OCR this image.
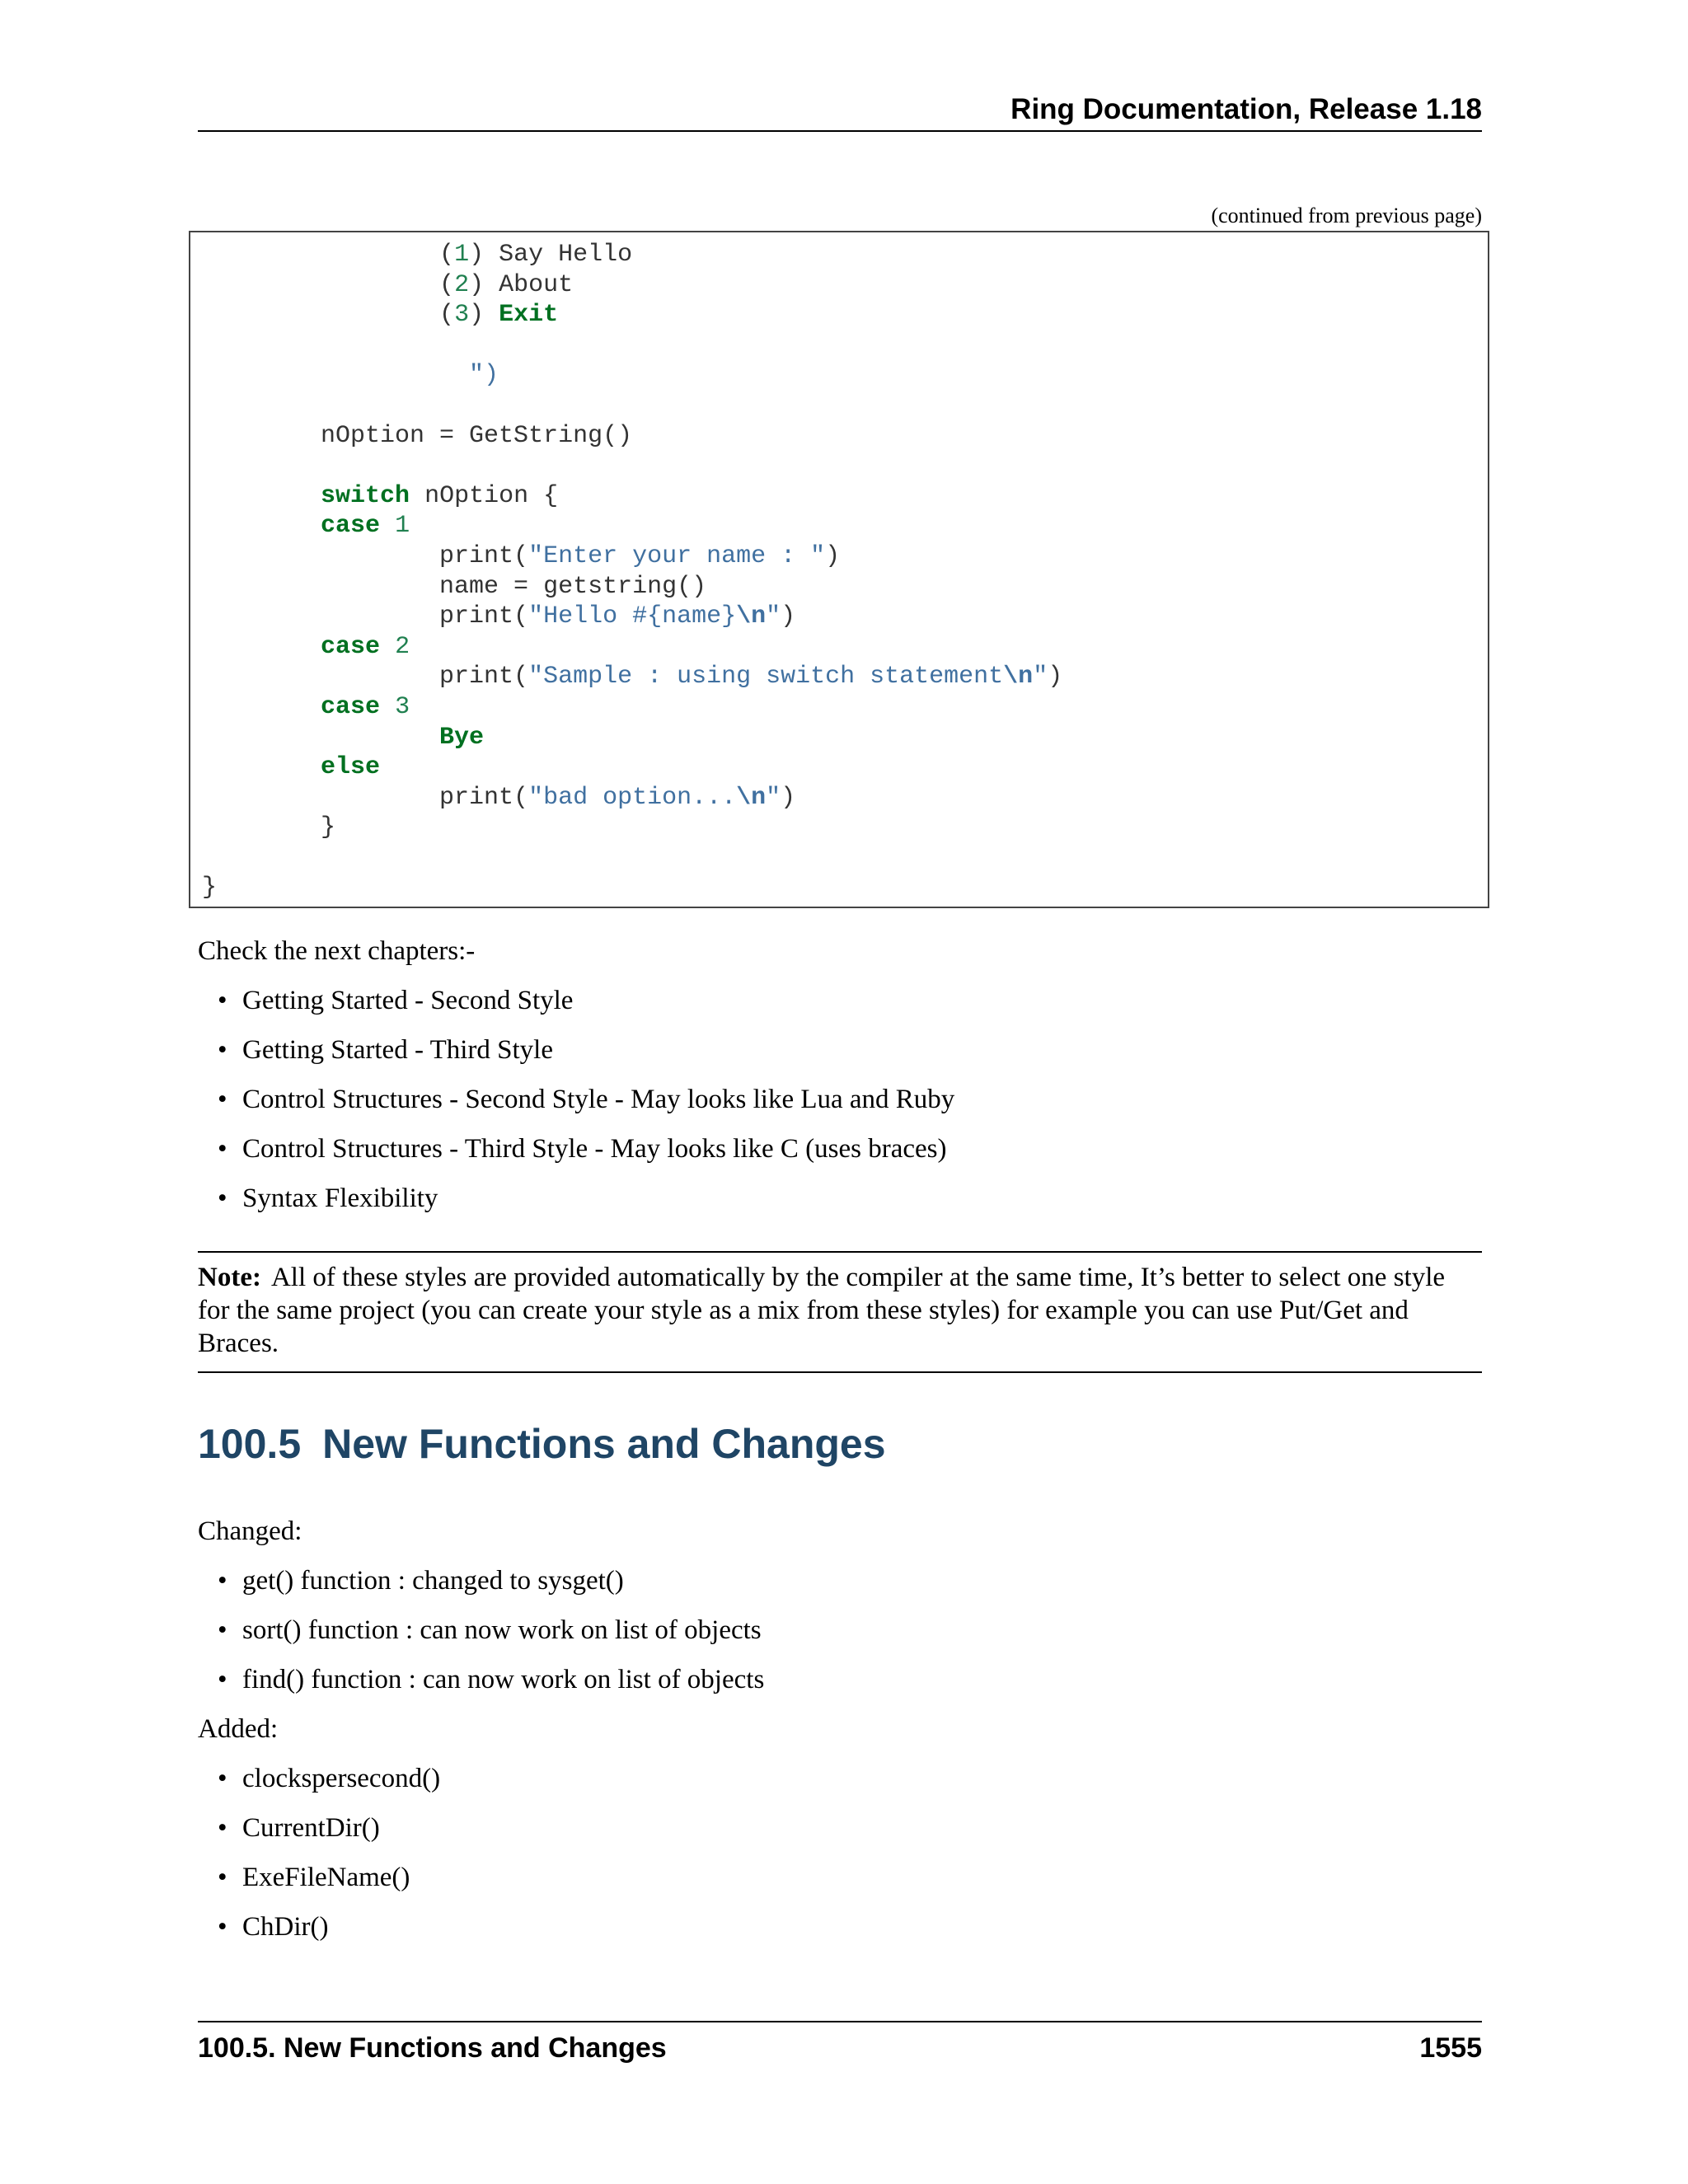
Ring Documentation, Release 1.18
(continued from previous page)
(1) Say Hello
(2) About
(3) Exit

")

nOption = GetString()

switch nOption {
case 1
print("Enter your name : ")
name = getstring()
print("Hello #{name}\n")
case 2
print("Sample : using switch statement\n")
case 3
Bye
else
print("bad option...\n")
}

}
Check the next chapters:-
• Getting Started - Second Style
• Getting Started - Third Style
• Control Structures - Second Style - May looks like Lua and Ruby
• Control Structures - Third Style - May looks like C (uses braces)
• Syntax Flexibility
Note: All of these styles are provided automatically by the compiler at the same time, It’s better to select one style for the same project (you can create your style as a mix from these styles) for example you can use Put/Get and Braces.
100.5 New Functions and Changes
Changed:
• get() function : changed to sysget()
• sort() function : can now work on list of objects
• find() function : can now work on list of objects
Added:
• clockspersecond()
• CurrentDir()
• ExeFileName()
• ChDir()
100.5. New Functions and Changes	1555
